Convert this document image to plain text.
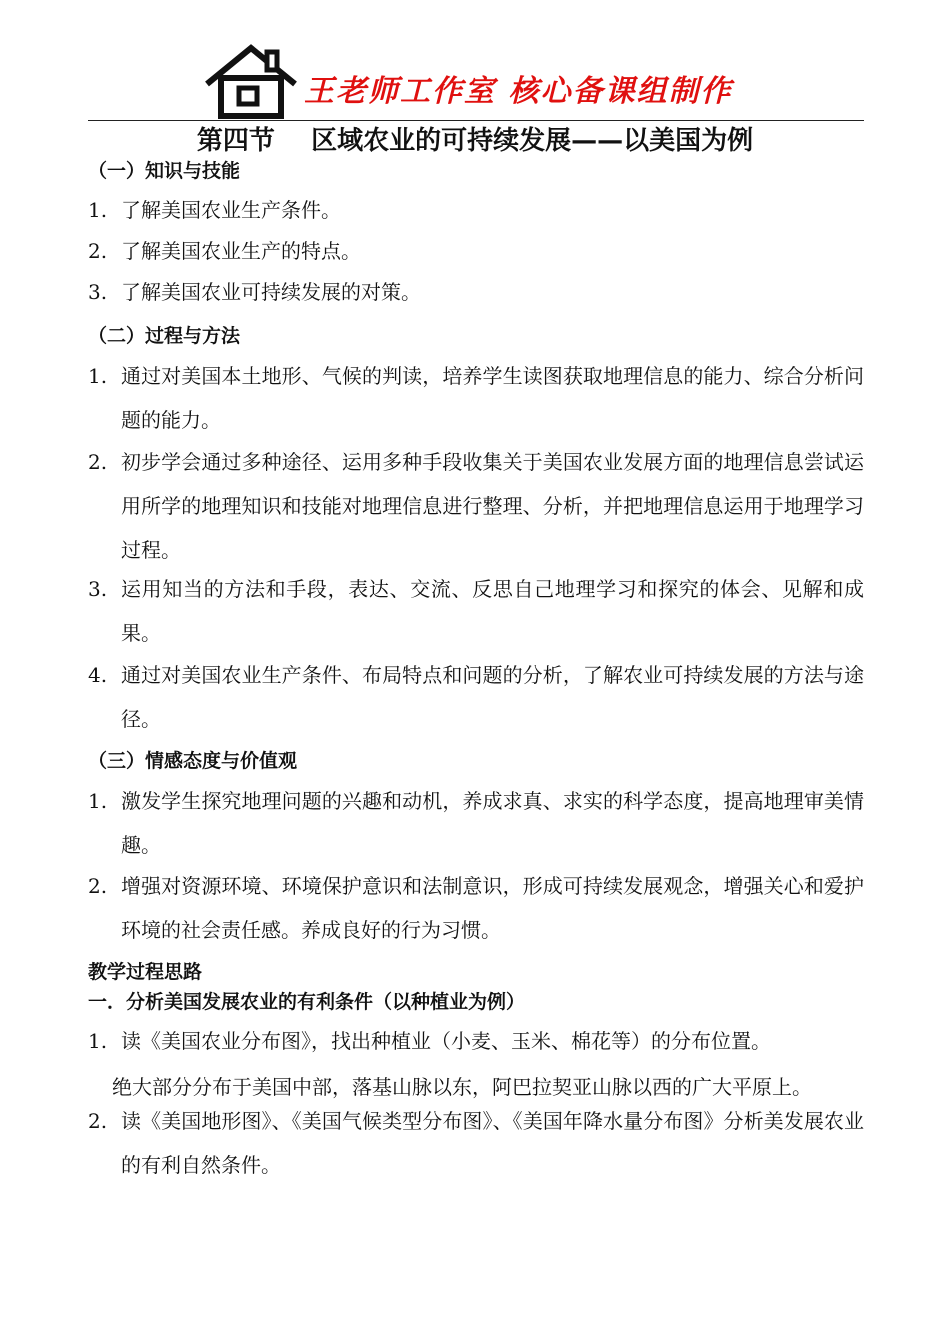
王老师工作室 核心备课组制作
第四节    区域农业的可持续发展——以美国为例
（一）知识与技能
1. 了解美国农业生产条件。
2. 了解美国农业生产的特点。
3. 了解美国农业可持续发展的对策。
（二）过程与方法
1. 通过对美国本土地形、气候的判读，培养学生读图获取地理信息的能力、综合分析问题的能力。
2. 初步学会通过多种途径、运用多种手段收集关于美国农业发展方面的地理信息尝试运用所学的地理知识和技能对地理信息进行整理、分析，并把地理信息运用于地理学习过程。
3. 运用知当的方法和手段，表达、交流、反思自己地理学习和探究的体会、见解和成果。
4. 通过对美国农业生产条件、布局特点和问题的分析，了解农业可持续发展的方法与途径。
（三）情感态度与价值观
1. 激发学生探究地理问题的兴趣和动机，养成求真、求实的科学态度，提高地理审美情趣。
2. 增强对资源环境、环境保护意识和法制意识，形成可持续发展观念，增强关心和爱护环境的社会责任感。养成良好的行为习惯。
教学过程思路
一．分析美国发展农业的有利条件（以种植业为例）
1. 读《美国农业分布图》，找出种植业（小麦、玉米、棉花等）的分布位置。
绝大部分分布于美国中部，落基山脉以东，阿巴拉契亚山脉以西的广大平原上。
2. 读《美国地形图》、《美国气候类型分布图》、《美国年降水量分布图》分析美发展农业的有利自然条件。
